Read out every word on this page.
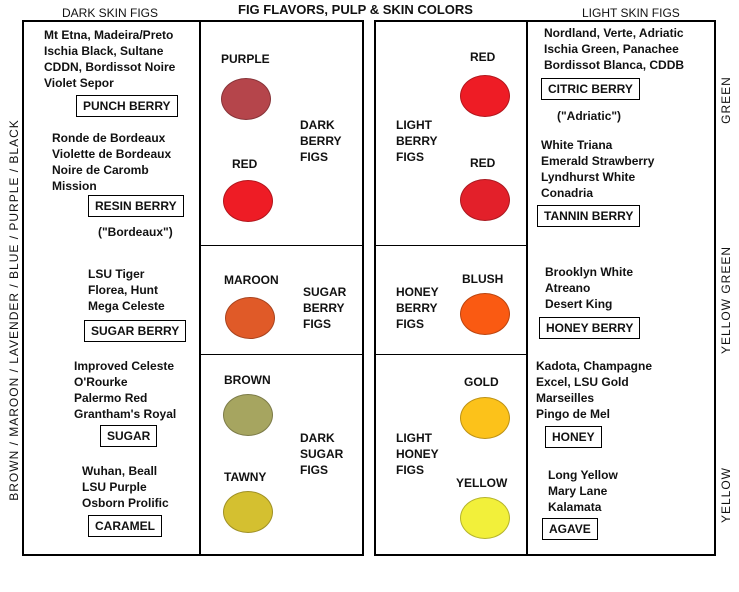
DARK SKIN FIGS	FIG FLAVORS, PULP & SKIN COLORS	LIGHT SKIN FIGS
BROWN / MAROON / LAVENDER / BLUE / PURPLE / BLACK
GREEN
YELLOW GREEN
YELLOW
Mt Etna, Madeira/Preto
Ischia Black, Sultane
CDDN, Bordissot Noire
Violet Sepor
PUNCH BERRY
Ronde de Bordeaux
Violette de Bordeaux
Noire de Caromb
Mission
RESIN BERRY
("Bordeaux")
LSU Tiger
Florea, Hunt
Mega Celeste
SUGAR BERRY
Improved Celeste
O'Rourke
Palermo Red
Grantham's Royal
SUGAR
Wuhan, Beall
LSU Purple
Osborn Prolific
CARAMEL
PURPLE
RED
MAROON
BROWN
TAWNY
DARK BERRY FIGS
SUGAR BERRY FIGS
DARK SUGAR FIGS
LIGHT BERRY FIGS
HONEY BERRY FIGS
LIGHT HONEY FIGS
RED
RED
BLUSH
GOLD
YELLOW
Nordland, Verte, Adriatic
Ischia Green, Panachee
Bordissot Blanca, CDDB
CITRIC BERRY
("Adriatic")
White Triana
Emerald Strawberry
Lyndhurst White
Conadria
TANNIN BERRY
Brooklyn White
Atreano
Desert King
HONEY BERRY
Kadota, Champagne
Excel, LSU Gold
Marseilles
Pingo de Mel
HONEY
Long Yellow
Mary Lane
Kalamata
AGAVE
